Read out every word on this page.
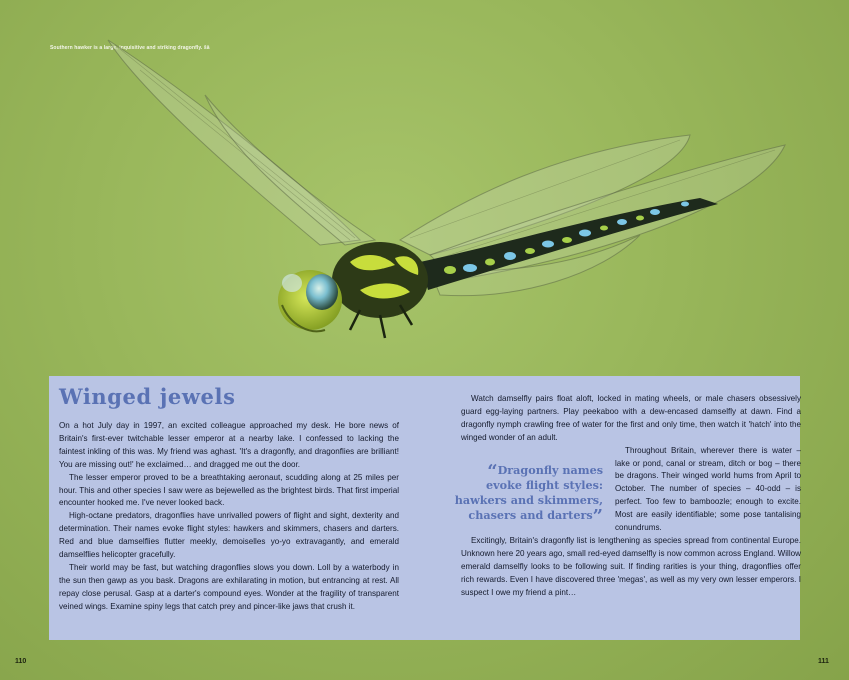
Southern hawker is a large, inquisitive and striking dragonfly. šä
Winged jewels

On a hot July day in 1997, an excited colleague approached my desk. He bore news of Britain's first-ever twitchable lesser emperor at a nearby lake. I confessed to lacking the faintest inkling of this was. My friend was aghast. 'It's a dragonfly, and dragonflies are brilliant! You are missing out!' he exclaimed… and dragged me out the door.

The lesser emperor proved to be a breathtaking aeronaut, scudding along at 25 miles per hour. This and other species I saw were as bejewelled as the brightest birds. That first imperial encounter hooked me. I've never looked back.

High-octane predators, dragonflies have unrivalled powers of flight and sight, dexterity and determination. Their names evoke flight styles: hawkers and skimmers, chasers and darters. Red and blue damselflies flutter meekly, demoiselles yo-yo extravagantly, and emerald damselflies helicopter gracefully.

Their world may be fast, but watching dragonflies slows you down. Loll by a waterbody in the sun then gawp as you bask. Dragons are exhilarating in motion, but entrancing at rest. All repay close perusal. Gasp at a darter's compound eyes. Wonder at the fragility of transparent veined wings. Examine spiny legs that catch prey and pincer-like jaws that crush it.

Watch damselfly pairs float aloft, locked in mating wheels, or male chasers obsessively guard egg-laying partners. Play peekaboo with a dew-encased damselfly at dawn. Find a dragonfly nymph crawling free of water for the first and only time, then watch it 'hatch' into the winged wonder of an adult.

“Dragonfly names evoke flight styles: hawkers and skimmers, chasers and darters”

Throughout Britain, wherever there is water – lake or pond, canal or stream, ditch or bog – there be dragons. Their winged world hums from April to October. The number of species – 40-odd – is perfect. Too few to bamboozle; enough to excite. Most are easily identifiable; some pose tantalising conundrums.

Excitingly, Britain's dragonfly list is lengthening as species spread from continental Europe. Unknown here 20 years ago, small red-eyed damselfly is now common across England. Willow emerald damselfly looks to be following suit. If finding rarities is your thing, dragonflies offer rich rewards. Even I have discovered three 'megas', as well as my very own lesser emperors. I suspect I owe my friend a pint…

110	111
